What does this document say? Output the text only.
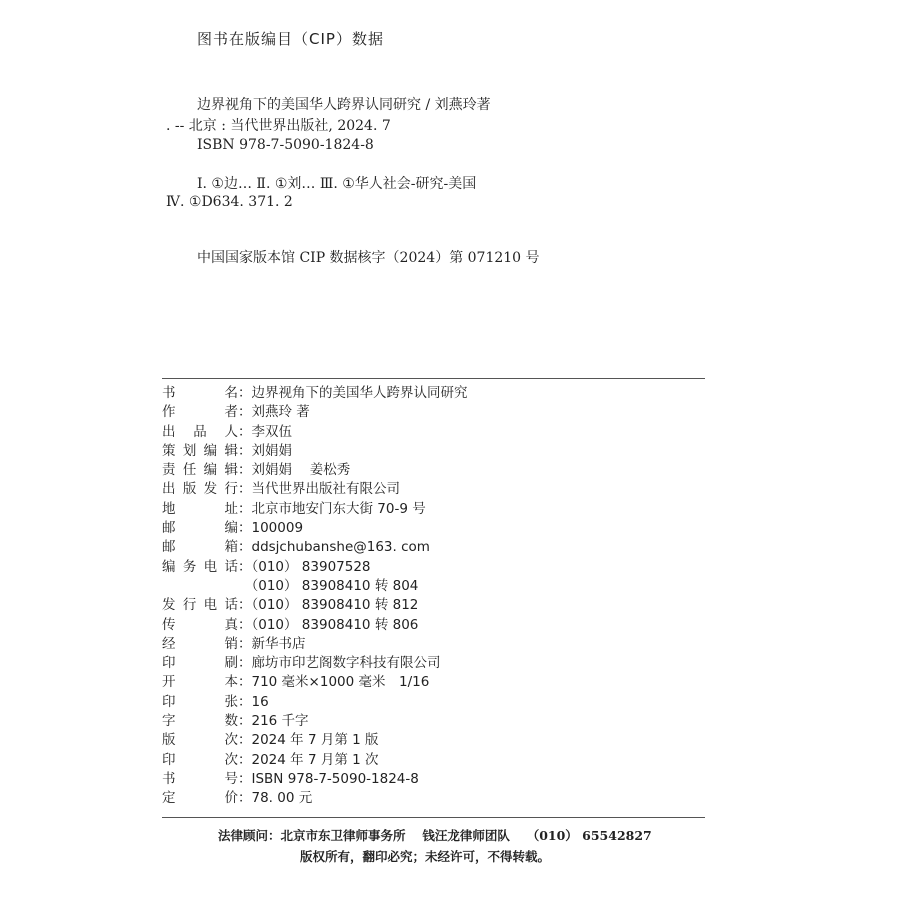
图书在版编目（CIP）数据
边界视角下的美国华人跨界认同研究 / 刘燕玲著
. -- 北京 : 当代世界出版社, 2024. 7
ISBN 978-7-5090-1824-8
Ⅰ. ①边… Ⅱ. ①刘… Ⅲ. ①华人社会-研究-美国
Ⅳ. ①D634. 371. 2
中国国家版本馆 CIP 数据核字（2024）第 071210 号
书	名 ：边界视角下的美国华人跨界认同研究
作	者 ：刘燕玲 著
出 品 人 ：李双伍
策 划 编 辑 ：刘娟娟
责 任 编 辑 ：刘娟娟　 姜松秀
出 版 发 行 ：当代世界出版社有限公司
地	址 ：北京市地安门东大街 70-9 号
邮	编 ：100009
邮	箱 ：ddsjchubanshe@163. com
编 务 电 话 ：（010） 83907528
　（010） 83908410 转 804
发 行 电 话 ：（010） 83908410 转 812
传	真 ：（010） 83908410 转 806
经	销 ：新华书店
印	刷 ：廊坊市印艺阁数字科技有限公司
开	本 ：710 毫米×1000 毫米　1/16
印	张 ：16
字	数 ：216 千字
版	次 ：2024 年 7 月第 1 版
印	次 ：2024 年 7 月第 1 次
书	号 ：ISBN 978-7-5090-1824-8
定	价 ：78. 00 元
法律顾问：北京市东卫律师事务所　 钱汪龙律师团队　 （010） 65542827
版权所有，翻印必究；未经许可，不得转载。
